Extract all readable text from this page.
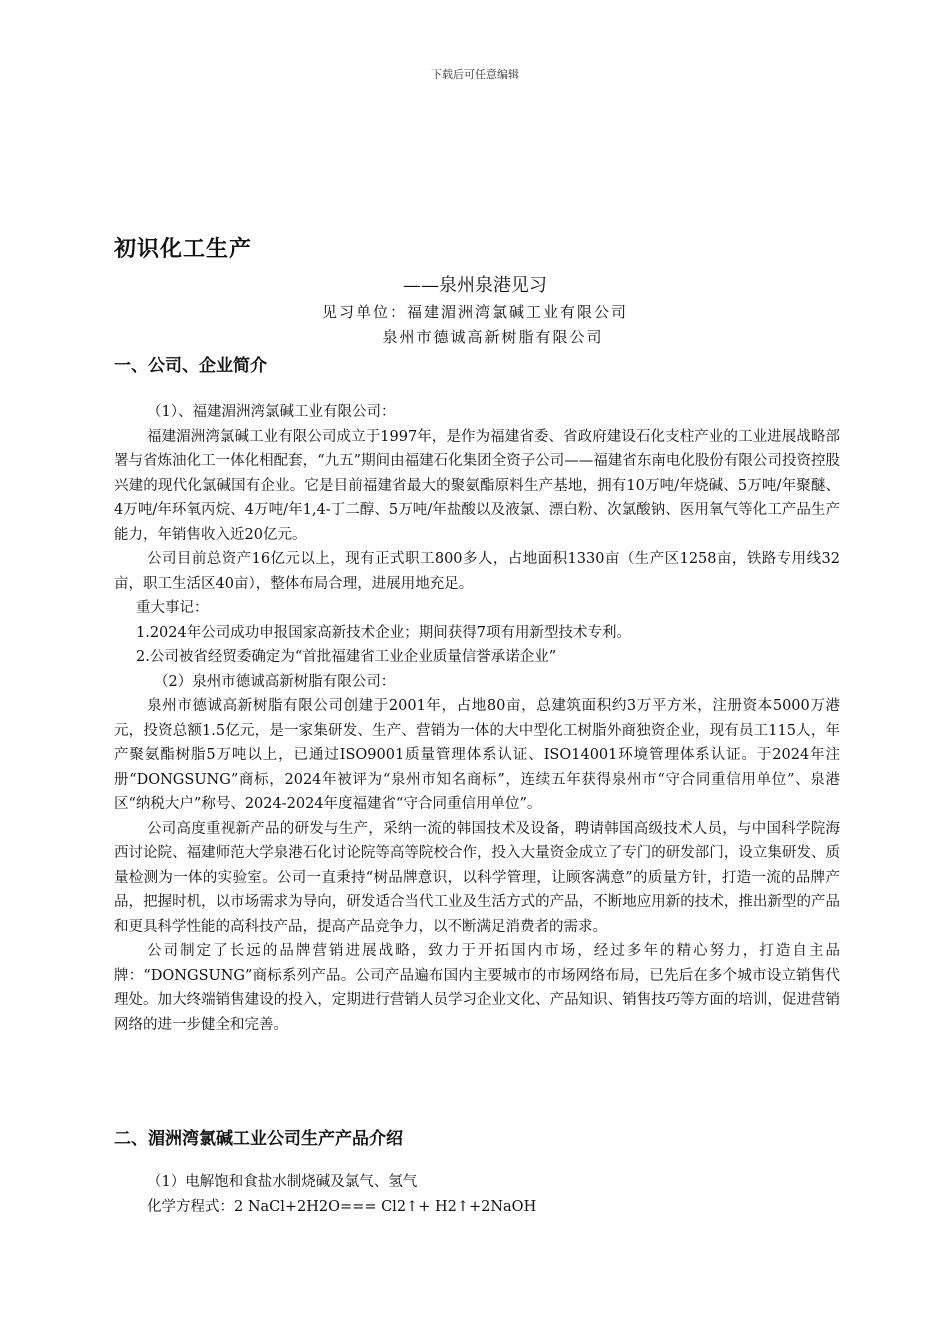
下载后可任意编辑
初识化工生产
——泉州泉港见习
见习单位：福建湄洲湾氯碱工业有限公司
泉州市德诚高新树脂有限公司
一、公司、企业简介

（1）、福建湄洲湾氯碱工业有限公司：

福建湄洲湾氯碱工业有限公司成立于1997年，是作为福建省委、省政府建设石化支柱产业的工业进展战略部署与省炼油化工一体化相配套，“九五”期间由福建石化集团全资子公司——福建省东南电化股份有限公司投资控股兴建的现代化氯碱国有企业。它是目前福建省最大的聚氨酯原料生产基地，拥有10万吨/年烧碱、5万吨/年聚醚、4万吨/年环氧丙烷、4万吨/年1,4-丁二醇、5万吨/年盐酸以及液氯、漂白粉、次氯酸钠、医用氧气等化工产品生产能力，年销售收入近20亿元。

公司目前总资产16亿元以上，现有正式职工800多人，占地面积1330亩（生产区1258亩，铁路专用线32亩，职工生活区40亩），整体布局合理，进展用地充足。

重大事记：

1.2024年公司成功申报国家高新技术企业；期间获得7项有用新型技术专利。

2.公司被省经贸委确定为“首批福建省工业企业质量信誉承诺企业”

（2）泉州市德诚高新树脂有限公司：

泉州市德诚高新树脂有限公司创建于2001年，占地80亩，总建筑面积约3万平方米，注册资本5000万港元，投资总额1.5亿元，是一家集研发、生产、营销为一体的大中型化工树脂外商独资企业，现有员工115人，年产聚氨酯树脂5万吨以上，已通过ISO9001质量管理体系认证、ISO14001环境管理体系认证。于2024年注册“DONGSUNG”商标，2024年被评为“泉州市知名商标”，连续五年获得泉州市“守合同重信用单位”、泉港区“纳税大户”称号、2024-2024年度福建省“守合同重信用单位”。

公司高度重视新产品的研发与生产，采纳一流的韩国技术及设备，聘请韩国高级技术人员，与中国科学院海西讨论院、福建师范大学泉港石化讨论院等高等院校合作，投入大量资金成立了专门的研发部门，设立集研发、质量检测为一体的实验室。公司一直秉持“树品牌意识，以科学管理，让顾客满意”的质量方针，打造一流的品牌产品，把握时机，以市场需求为导向，研发适合当代工业及生活方式的产品，不断地应用新的技术，推出新型的产品和更具科学性能的高科技产品，提高产品竞争力，以不断满足消费者的需求。

公司制定了长远的品牌营销进展战略，致力于开拓国内市场，经过多年的精心努力，打造自主品牌：“DONGSUNG”商标系列产品。公司产品遍布国内主要城市的市场网络布局，已先后在多个城市设立销售代理处。加大终端销售建设的投入，定期进行营销人员学习企业文化、产品知识、销售技巧等方面的培训，促进营销网络的进一步健全和完善。

二、湄洲湾氯碱工业公司生产产品介绍

（1）电解饱和食盐水制烧碱及氯气、氢气

化学方程式：2 NaCl+2H2O=== Cl2↑+ H2↑+2NaOH
